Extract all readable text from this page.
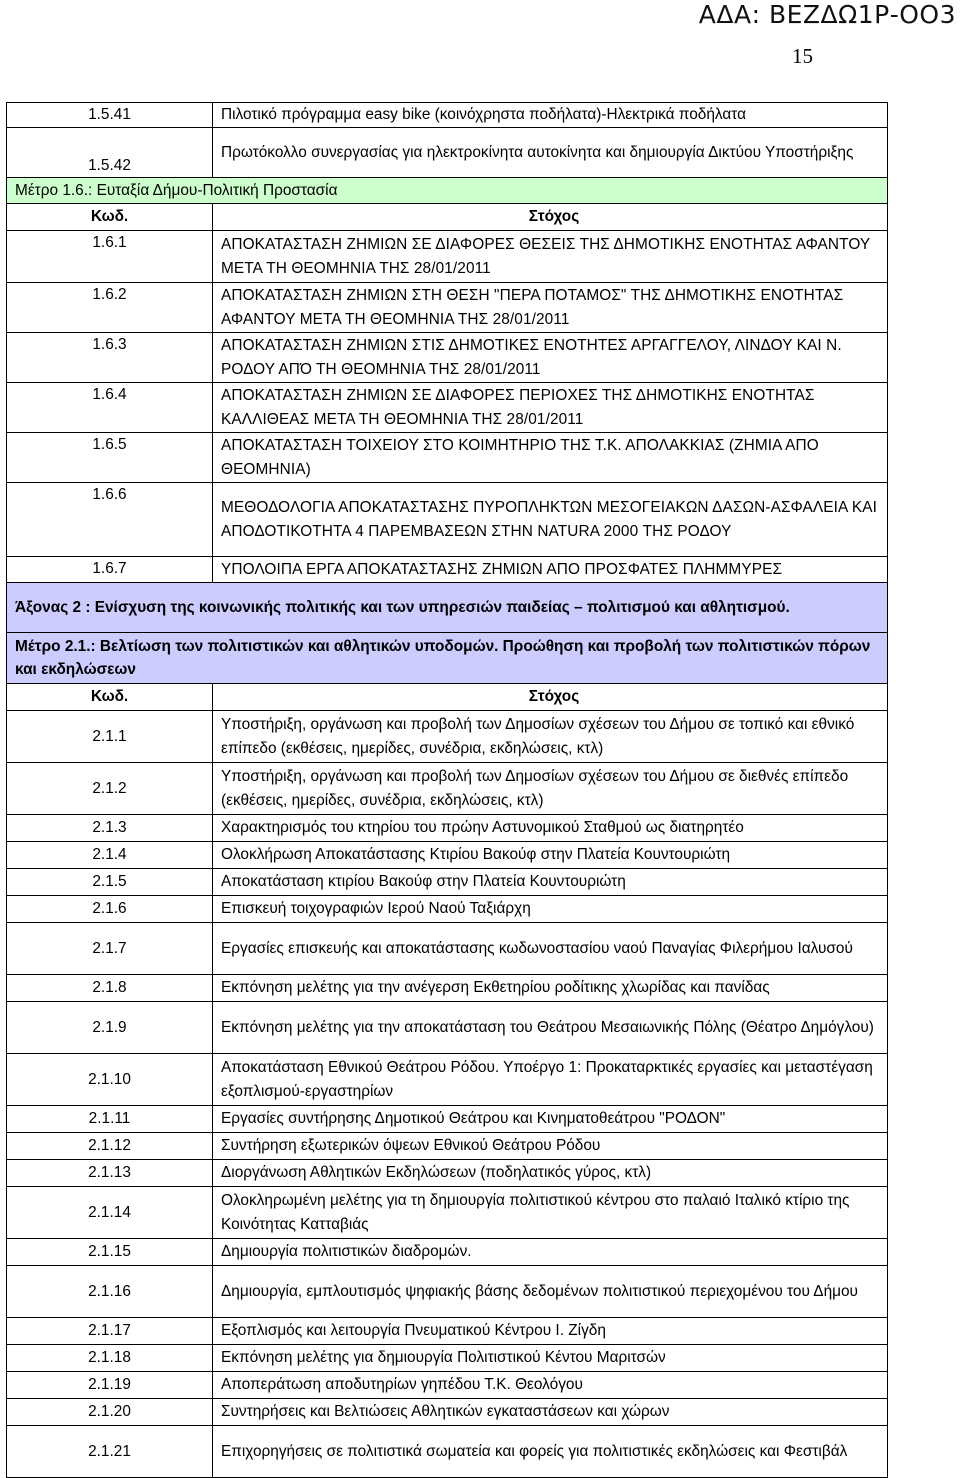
ΑΔΑ: ΒΕΖΔΩ1Ρ-ΟΟ3
15
1.5.41	Πιλοτικό πρόγραμμα easy bike (κοινόχρηστα ποδήλατα)-Ηλεκτρικά ποδήλατα
1.5.42	Πρωτόκολλο συνεργασίας για ηλεκτροκίνητα αυτοκίνητα και δημιουργία Δικτύου Υποστήριξης
Μέτρο 1.6.: Ευταξία Δήμου-Πολιτική Προστασία	
Κωδ.	Στόχος
1.6.1	ΑΠΟΚΑΤΑΣΤΑΣΗ ΖΗΜΙΩΝ ΣΕ ΔΙΑΦΟΡΕΣ ΘΕΣΕΙΣ ΤΗΣ ΔΗΜΟΤΙΚΗΣ ΕΝΟΤΗΤΑΣ ΑΦΑΝΤΟΥ ΜΕΤΑ ΤΗ ΘΕΟΜΗΝΙΑ ΤΗΣ 28/01/2011
1.6.2	ΑΠΟΚΑΤΑΣΤΑΣΗ ΖΗΜΙΩΝ ΣΤΗ ΘΕΣΗ "ΠΕΡΑ ΠΟΤΑΜΟΣ" ΤΗΣ ΔΗΜΟΤΙΚΗΣ ΕΝΟΤΗΤΑΣ ΑΦΑΝΤΟΥ ΜΕΤΑ ΤΗ ΘΕΟΜΗΝΙΑ ΤΗΣ 28/01/2011
1.6.3	ΑΠΟΚΑΤΑΣΤΑΣΗ ΖΗΜΙΩΝ ΣΤΙΣ ΔΗΜΟΤΙΚΕΣ ΕΝΟΤΗΤΕΣ ΑΡΓΑΓΓΕΛΟΥ, ΛΙΝΔΟΥ ΚΑΙ Ν. ΡΟΔΟΥ ΑΠΌ ΤΗ ΘΕΟΜΗΝΙΑ ΤΗΣ 28/01/2011
1.6.4	ΑΠΟΚΑΤΑΣΤΑΣΗ ΖΗΜΙΩΝ ΣΕ ΔΙΑΦΟΡΕΣ ΠΕΡΙΟΧΕΣ ΤΗΣ ΔΗΜΟΤΙΚΗΣ ΕΝΟΤΗΤΑΣ ΚΑΛΛΙΘΕΑΣ ΜΕΤΑ ΤΗ ΘΕΟΜΗΝΙΑ ΤΗΣ 28/01/2011
1.6.5	ΑΠΟΚΑΤΑΣΤΑΣΗ ΤΟΙΧΕΙΟΥ ΣΤΟ ΚΟΙΜΗΤΗΡΙΟ ΤΗΣ Τ.Κ. ΑΠΟΛΑΚΚΙΑΣ (ΖΗΜΙΑ ΑΠΟ ΘΕΟΜΗΝΙΑ)
1.6.6	ΜΕΘΟΔΟΛΟΓΙΑ ΑΠΟΚΑΤΑΣΤΑΣΗΣ ΠΥΡΟΠΛΗΚΤΩΝ ΜΕΣΟΓΕΙΑΚΩΝ ΔΑΣΩΝ-ΑΣΦΑΛΕΙΑ ΚΑΙ ΑΠΟΔΟΤΙΚΟΤΗΤΑ 4 ΠΑΡΕΜΒΑΣΕΩΝ ΣΤΗΝ NATURA 2000 ΤΗΣ ΡΟΔΟΥ
1.6.7	ΥΠΟΛΟΙΠΑ ΕΡΓΑ ΑΠΟΚΑΤΑΣΤΑΣΗΣ ΖΗΜΙΩΝ ΑΠΟ ΠΡΟΣΦΑΤΕΣ ΠΛΗΜΜΥΡΕΣ
Άξονας 2 : Ενίσχυση της κοινωνικής πολιτικής και των υπηρεσιών παιδείας – πολιτισμού και αθλητισμού.	
Μέτρο 2.1.: Βελτίωση των πολιτιστικών και αθλητικών υποδομών. Προώθηση και προβολή των πολιτιστικών πόρων και εκδηλώσεων	
Κωδ.	Στόχος
2.1.1	Υποστήριξη, οργάνωση και προβολή των Δημοσίων σχέσεων του Δήμου σε τοπικό και εθνικό επίπεδο (εκθέσεις, ημερίδες, συνέδρια, εκδηλώσεις, κτλ)
2.1.2	Υποστήριξη, οργάνωση και προβολή των Δημοσίων σχέσεων του Δήμου σε διεθνές επίπεδο (εκθέσεις, ημερίδες, συνέδρια, εκδηλώσεις, κτλ)
2.1.3	Χαρακτηρισμός του κτηρίου του πρώην Αστυνομικού Σταθμού ως διατηρητέο
2.1.4	Ολοκλήρωση Αποκατάστασης Κτιρίου Βακούφ στην Πλατεία Κουντουριώτη
2.1.5	Αποκατάσταση κτιρίου Βακούφ στην Πλατεία Κουντουριώτη
2.1.6	Επισκευή τοιχογραφιών Ιερού Ναού Ταξιάρχη
2.1.7	Εργασίες επισκευής και αποκατάστασης κωδωνοστασίου ναού Παναγίας Φιλερήμου Ιαλυσού
2.1.8	Εκπόνηση μελέτης για την ανέγερση Εκθετηρίου ροδίτικης χλωρίδας και πανίδας
2.1.9	Εκπόνηση μελέτης για την αποκατάσταση του Θεάτρου Μεσαιωνικής Πόλης (Θέατρο Δημόγλου)
2.1.10	Αποκατάσταση Εθνικού Θεάτρου Ρόδου. Υποέργο 1: Προκαταρκτικές εργασίες και μεταστέγαση εξοπλισμού-εργαστηρίων
2.1.11	Εργασίες συντήρησης Δημοτικού Θεάτρου και Κινηματοθεάτρου "ΡΟΔΟΝ"
2.1.12	Συντήρηση εξωτερικών όψεων Εθνικού Θεάτρου Ρόδου
2.1.13	Διοργάνωση Αθλητικών Εκδηλώσεων (ποδηλατικός γύρος, κτλ)
2.1.14	Ολοκληρωμένη μελέτης για τη δημιουργία πολιτιστικού κέντρου στο παλαιό Ιταλικό κτίριο της Κοινότητας Κατταβιάς
2.1.15	Δημιουργία πολιτιστικών διαδρομών.
2.1.16	Δημιουργία, εμπλουτισμός ψηφιακής βάσης δεδομένων πολιτιστικού περιεχομένου του Δήμου
2.1.17	Εξοπλισμός και λειτουργία Πνευματικού Κέντρου Ι. Ζίγδη
2.1.18	Εκπόνηση μελέτης για δημιουργία Πολιτιστικού Κέντου Μαριτσών
2.1.19	Αποπεράτωση αποδυτηρίων γηπέδου Τ.Κ. Θεολόγου
2.1.20	Συντηρήσεις και Βελτιώσεις Αθλητικών εγκαταστάσεων και χώρων
2.1.21	Επιχορηγήσεις σε πολιτιστικά σωματεία και φορείς για πολιτιστικές εκδηλώσεις και Φεστιβάλ
